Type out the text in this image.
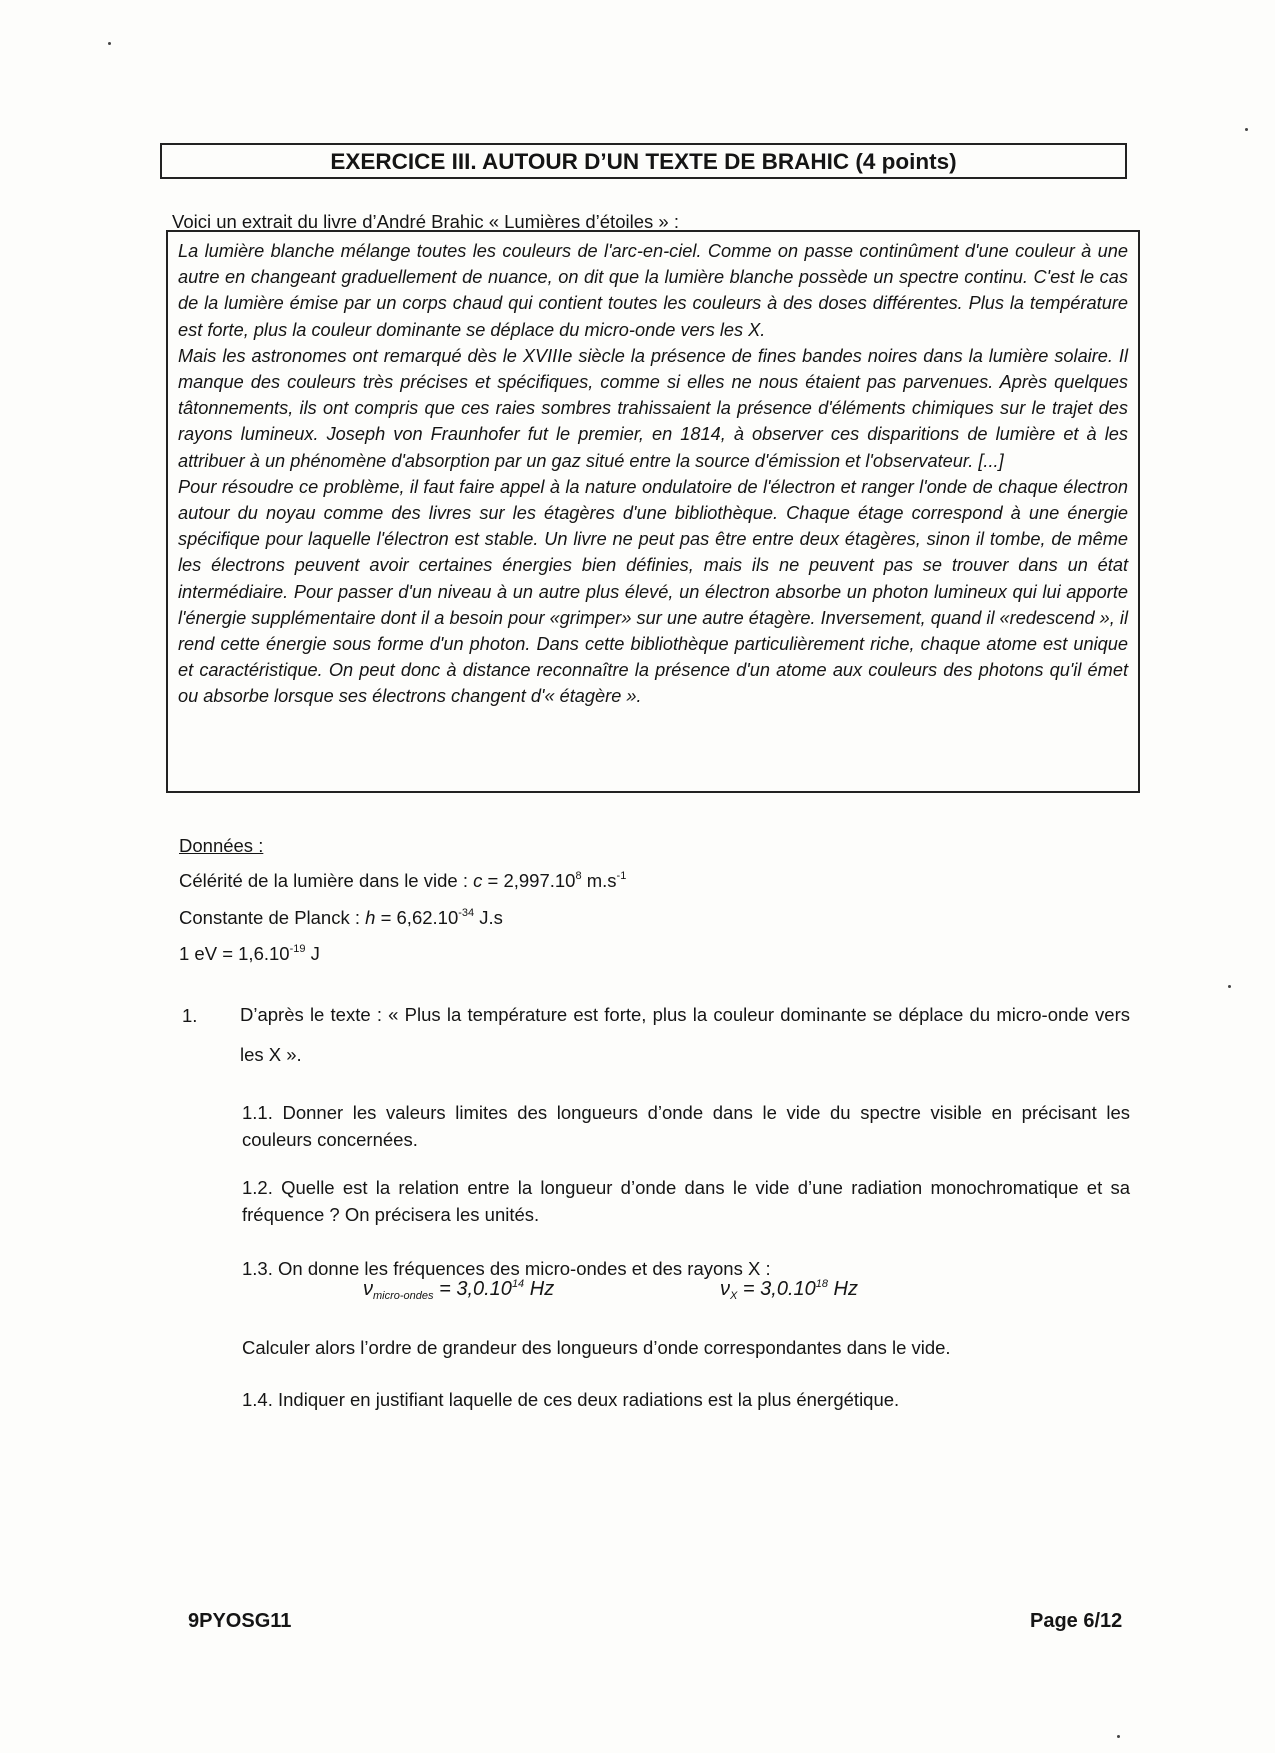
EXERCICE III. AUTOUR D’UN TEXTE DE BRAHIC (4 points)
Voici un extrait du livre d’André Brahic « Lumières d’étoiles » :

La lumière blanche mélange toutes les couleurs de l'arc-en-ciel. Comme on passe continûment d'une couleur à une autre en changeant graduellement de nuance, on dit que la lumière blanche possède un spectre continu. C'est le cas de la lumière émise par un corps chaud qui contient toutes les couleurs à des doses différentes. Plus la température est forte, plus la couleur dominante se déplace du micro-onde vers les X.

Mais les astronomes ont remarqué dès le XVIIIe siècle la présence de fines bandes noires dans la lumière solaire. Il manque des couleurs très précises et spécifiques, comme si elles ne nous étaient pas parvenues. Après quelques tâtonnements, ils ont compris que ces raies sombres trahissaient la présence d'éléments chimiques sur le trajet des rayons lumineux. Joseph von Fraunhofer fut le premier, en 1814, à observer ces disparitions de lumière et à les attribuer à un phénomène d'absorption par un gaz situé entre la source d'émission et l'observateur. [...]

Pour résoudre ce problème, il faut faire appel à la nature ondulatoire de l'électron et ranger l'onde de chaque électron autour du noyau comme des livres sur les étagères d'une bibliothèque. Chaque étage correspond à une énergie spécifique pour laquelle l'électron est stable. Un livre ne peut pas être entre deux étagères, sinon il tombe, de même les électrons peuvent avoir certaines énergies bien définies, mais ils ne peuvent pas se trouver dans un état intermédiaire. Pour passer d'un niveau à un autre plus élevé, un électron absorbe un photon lumineux qui lui apporte l'énergie supplémentaire dont il a besoin pour «grimper» sur une autre étagère. Inversement, quand il «redescend », il rend cette énergie sous forme d'un photon. Dans cette bibliothèque particulièrement riche, chaque atome est unique et caractéristique. On peut donc à distance reconnaître la présence d'un atome aux couleurs des photons qu'il émet ou absorbe lorsque ses électrons changent d'« étagère ».

Données :
Célérité de la lumière dans le vide : $c = 2,997.10^8$ $m.s^{-1}$
Constante de Planck : $h = 6,62.10^{-34}$ J.s
1 eV = $1,6.10^{-19}$ J
1. D’après le texte : « Plus la température est forte, plus la couleur dominante se déplace du micro-onde vers les X ».
1.1. Donner les valeurs limites des longueurs d’onde dans le vide du spectre visible en précisant les couleurs concernées.
1.2. Quelle est la relation entre la longueur d’onde dans le vide d’une radiation monochromatique et sa fréquence ? On précisera les unités.
1.3. On donne les fréquences des micro-ondes et des rayons X :
$\nu_{micro-ondes} = 3,0.10^{14}$ Hz	$\nu_X = 3,0.10^{18}$ Hz
Calculer alors l’ordre de grandeur des longueurs d’onde correspondantes dans le vide.
1.4. Indiquer en justifiant laquelle de ces deux radiations est la plus énergétique.
9PYOSG11	Page 6/12
